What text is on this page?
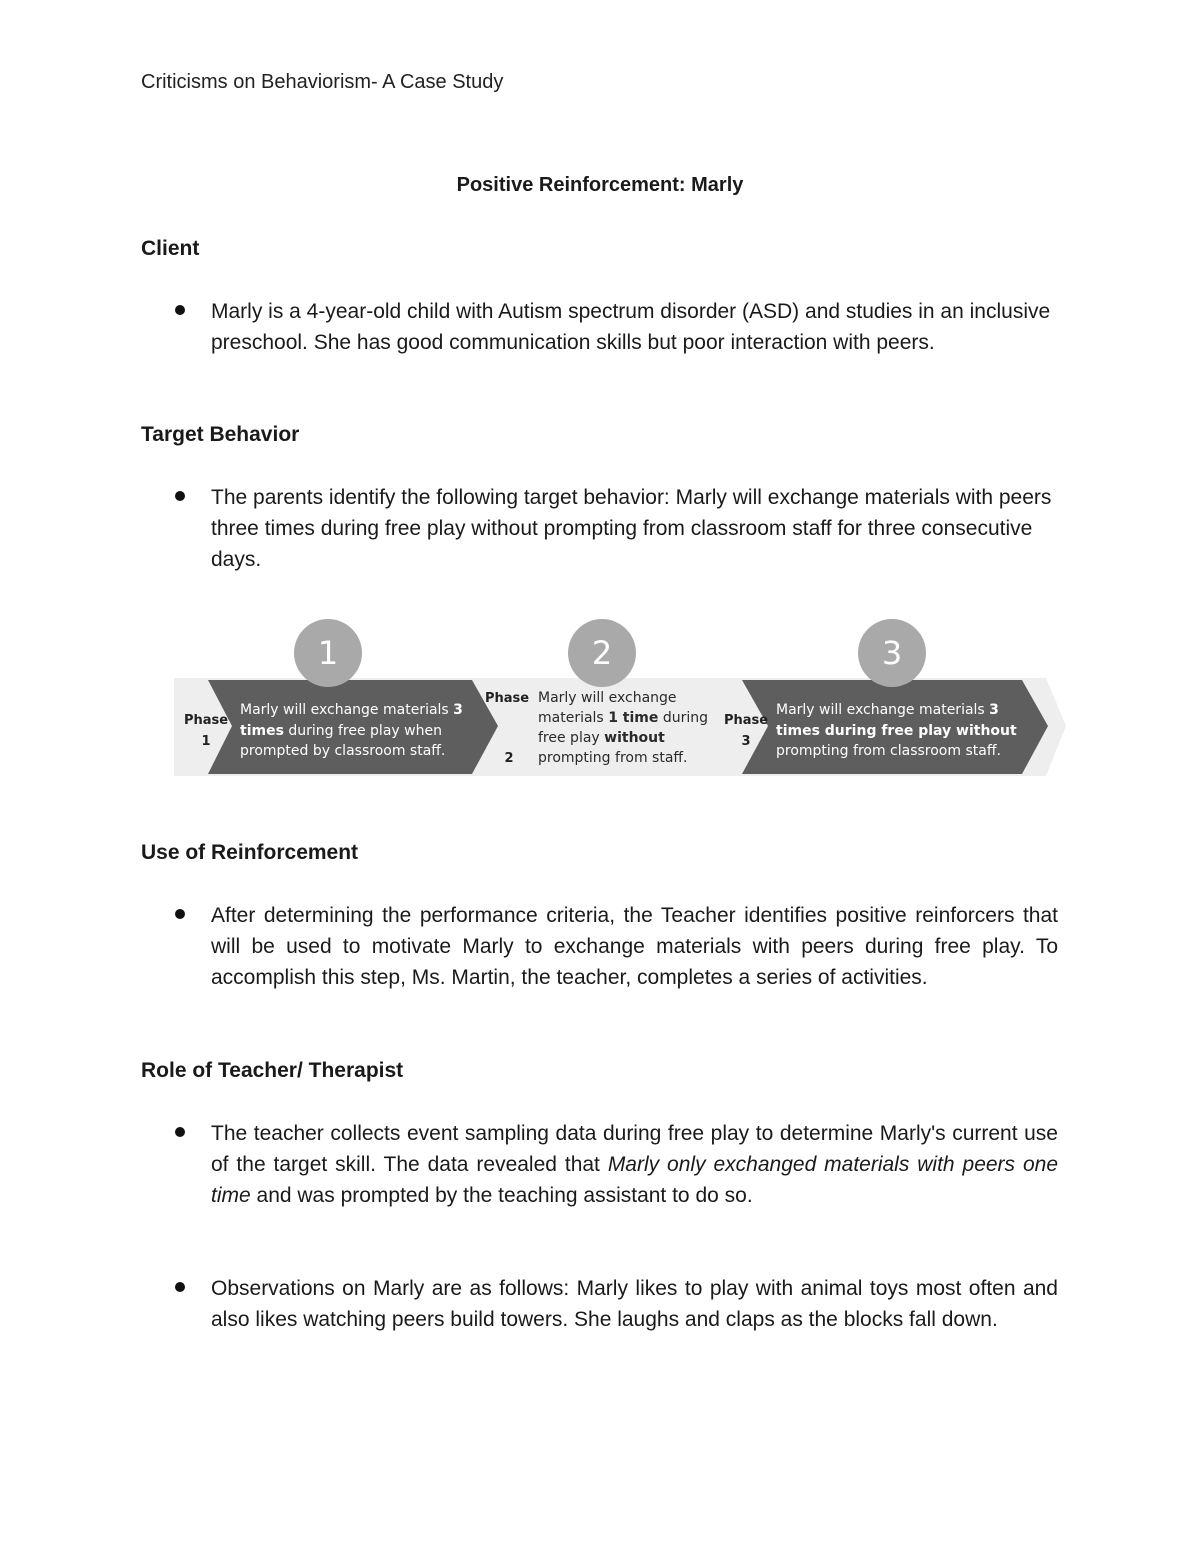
Criticisms on Behaviorism- A Case Study
Positive Reinforcement: Marly
Client
Marly is a 4-year-old child with Autism spectrum disorder (ASD) and studies in an inclusive preschool. She has good communication skills but poor interaction with peers.
Target Behavior
The parents identify the following target behavior: Marly will exchange materials with peers three times during free play without prompting from classroom staff for three consecutive days.
1	2	3
Phase
1
Marly will exchange materials 3
times during free play when
prompted by classroom staff.
Phase
2
Marly will exchange
materials 1 time during
free play without
prompting from staff.
Phase
3
Marly will exchange materials 3
times during free play without
prompting from classroom staff.
Use of Reinforcement
After determining the performance criteria, the Teacher identifies positive reinforcers that will be used to motivate Marly to exchange materials with peers during free play. To accomplish this step, Ms. Martin, the teacher, completes a series of activities.
Role of Teacher/ Therapist
The teacher collects event sampling data during free play to determine Marly's current use of the target skill. The data revealed that Marly only exchanged materials with peers one time and was prompted by the teaching assistant to do so.
Observations on Marly are as follows: Marly likes to play with animal toys most often and also likes watching peers build towers. She laughs and claps as the blocks fall down.
